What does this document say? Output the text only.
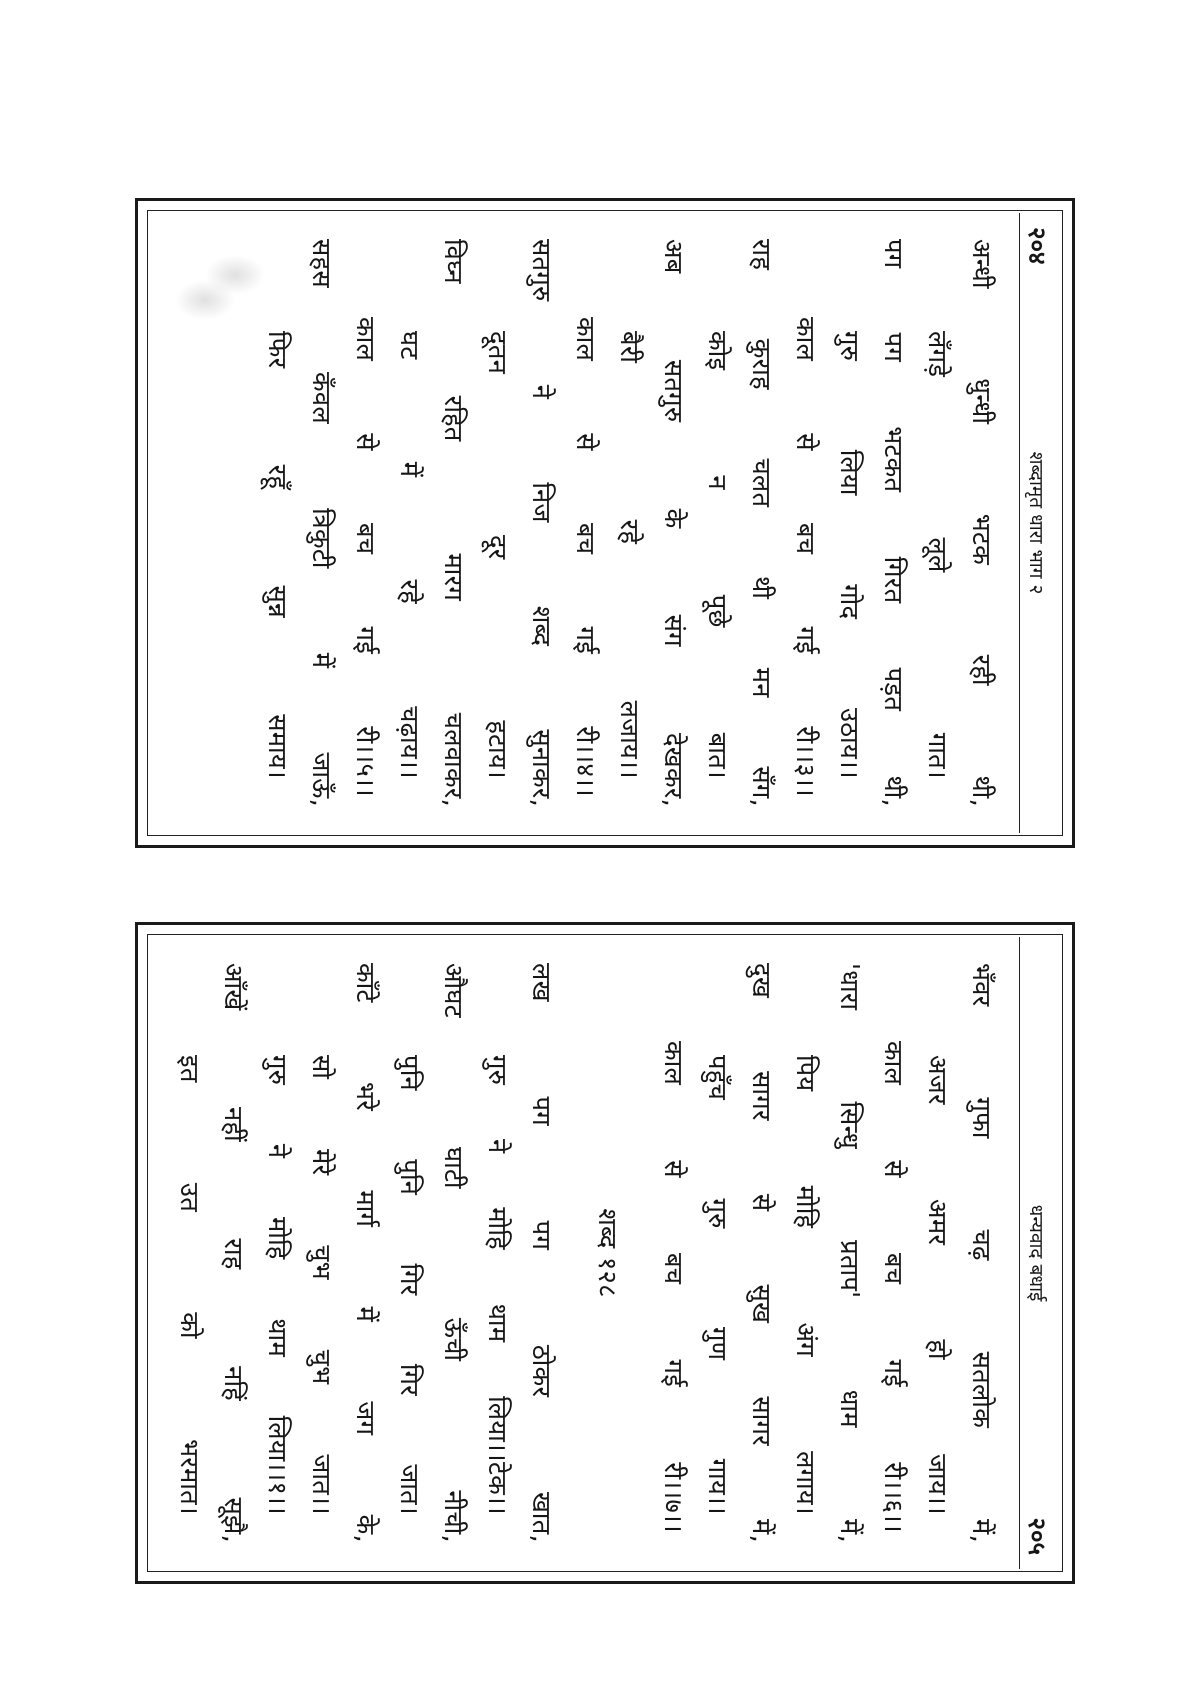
२०४
शब्दामृत धारा भाग २
अन्धी
धुन्धी
भटक
रही
थी,
लँगड़े
लूले
गात।
पग
पग
भटकत
गिरत
पड़त
थी,
गुरु
लिया
गोद
उठाय।।
काल
से
बच
गई
री।।३।।
राह
कुराह
चलत
थी
मन
सँग,
कोइ
न
पूछे
बात।
अब
सतगुरु
के
संग
देखकर,
बैरी
रहे
लजाय।।
काल
से
बच
गई
री।।४।।
सतगुरु
ने
निज
शब्द
सुनाकर,
दूतन
दूर
हटाय।
विघ्न
रहित
मारग
चलवाकर,
घट
में
रहे
चढ़ाय।।
काल
से
बच
गई
री।।५।।
सहस
कँवल
त्रिकुटी
में
जाऊँ,
फिर
रहूँ
सुन्न
समाय।
धन्यवाद बधाई
२०५
भँवर
गुफा
चढ़
सतलोक
में,
अजर
अमर
हो
जाय।।
काल
से
बच
गई
री।।६।।
'धारा
सिन्धु
प्रताप'
धाम
में,
पिय
मोहि
अंग
लगाय।
दुख
सागर
से
सुख
सागर
में,
पहुँच
गुरु
गुण
गाय।।
काल
से
बच
गई
री।।७।।
शब्द १२८
लख
पग
पग
ठोकर
खात,
गुरु
ने
मोहि
थाम
लिया।।टेक।।
औघट
घाटी
ऊँची
नीची,
पुनि
पुनि
गिर
गिर
जात।
काँटे
भरे
मार्ग
में
जग
के,
सो
मेरे
चुभ
चुभ
जात।।
गुरु
ने
मोहि
थाम
लिया।।१।।
आँखें
नहीं
राह
नहिं
सूझै,
इत
उत
को
भरमात।
